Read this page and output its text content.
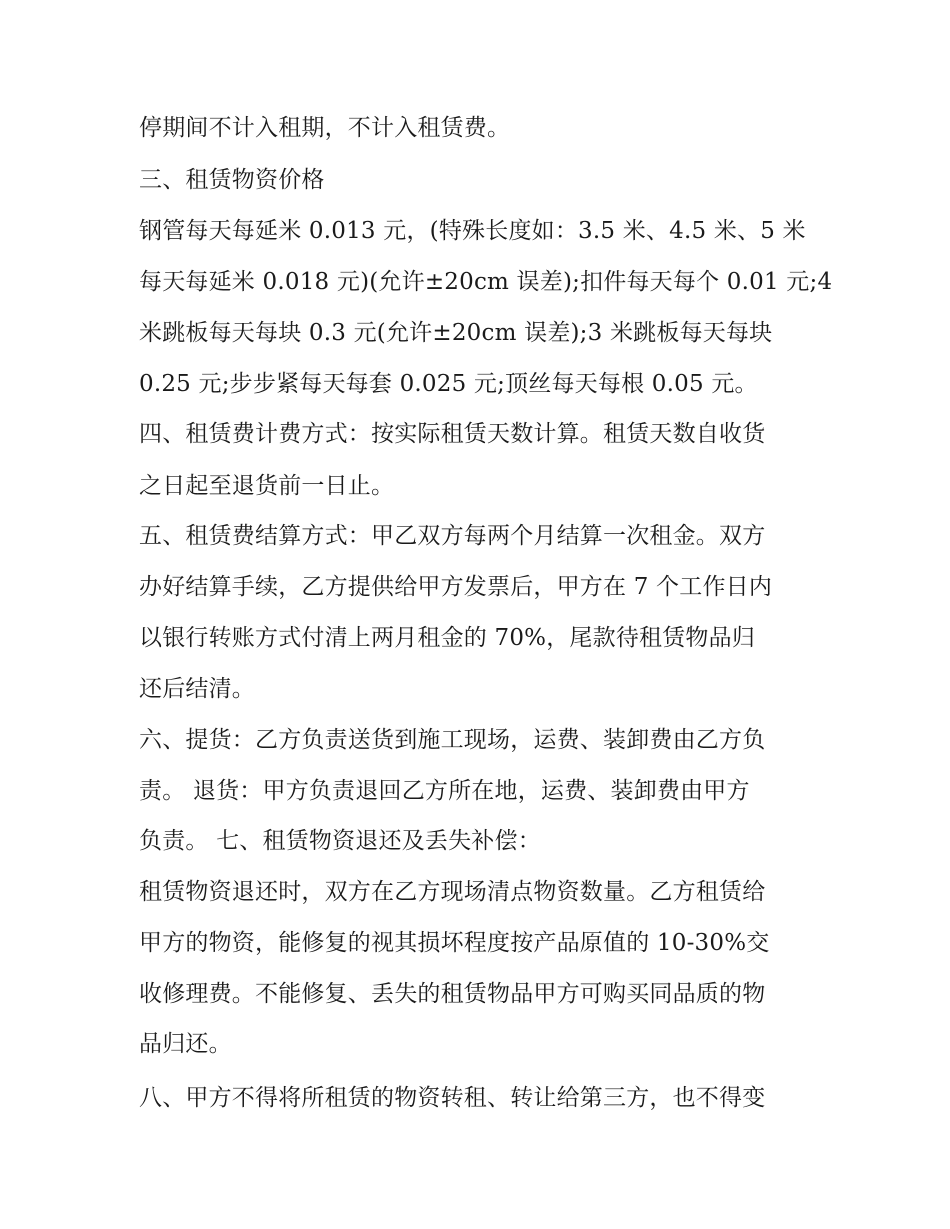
停期间不计入租期，不计入租赁费。
三、租赁物资价格
钢管每天每延米 0.013 元，(特殊长度如：3.5 米、4.5 米、5 米
每天每延米 0.018 元)(允许±20cm 误差);扣件每天每个 0.01 元;4
米跳板每天每块 0.3 元(允许±20cm 误差);3 米跳板每天每块
0.25 元;步步紧每天每套 0.025 元;顶丝每天每根 0.05 元。
四、租赁费计费方式：按实际租赁天数计算。租赁天数自收货
之日起至退货前一日止。
五、租赁费结算方式：甲乙双方每两个月结算一次租金。双方
办好结算手续，乙方提供给甲方发票后，甲方在 7 个工作日内
以银行转账方式付清上两月租金的 70%，尾款待租赁物品归
还后结清。
六、提货：乙方负责送货到施工现场，运费、装卸费由乙方负
责。 退货：甲方负责退回乙方所在地，运费、装卸费由甲方
负责。 七、租赁物资退还及丢失补偿：
租赁物资退还时，双方在乙方现场清点物资数量。乙方租赁给
甲方的物资，能修复的视其损坏程度按产品原值的 10-30%交
收修理费。不能修复、丢失的租赁物品甲方可购买同品质的物
品归还。
八、甲方不得将所租赁的物资转租、转让给第三方，也不得变
